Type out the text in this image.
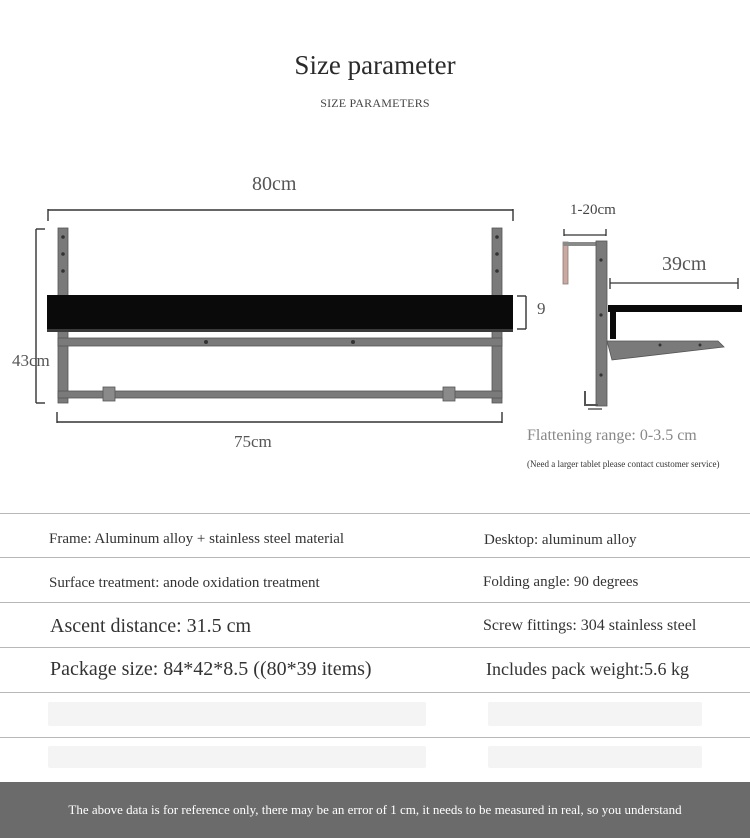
Size parameter
SIZE PARAMETERS
80cm
43cm
9
75cm
1-20cm
39cm
Flattening range: 0-3.5 cm
(Need a larger tablet please contact customer service)
Frame: Aluminum alloy + stainless steel material	Desktop: aluminum alloy
Surface treatment: anode oxidation treatment	Folding angle: 90 degrees
Ascent distance: 31.5 cm	Screw fittings: 304 stainless steel
Package size: 84*42*8.5 ((80*39 items)	Includes pack weight:5.6 kg
The above data is for reference only, there may be an error of 1 cm, it needs to be measured in real, so you understand
